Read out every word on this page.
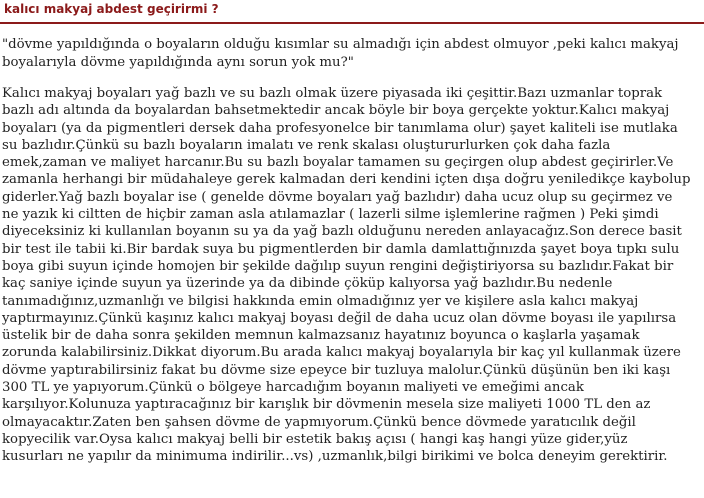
kalıcı makyaj abdest geçirirmi ?
"dövme yapıldığında o boyaların olduğu kısımlar su almadığı için abdest olmuyor ,peki kalıcı makyaj
boyalarıyla dövme yapıldığında aynı sorun yok mu?"
Kalıcı makyaj boyaları yağ bazlı ve su bazlı olmak üzere piyasada iki çeşittir.Bazı uzmanlar toprak
bazlı adı altında da boyalardan bahsetmektedir ancak böyle bir boya gerçekte yoktur.Kalıcı makyaj
boyaları (ya da pigmentleri dersek daha profesyonelce bir tanımlama olur) şayet kaliteli ise mutlaka
su bazlıdır.Çünkü su bazlı boyaların imalatı ve renk skalası oluştururlurken çok daha fazla
emek,zaman ve maliyet harcanır.Bu su bazlı boyalar tamamen su geçirgen olup abdest geçirirler.Ve
zamanla herhangi bir müdahaleye gerek kalmadan deri kendini içten dışa doğru yeniledikçe kaybolup
giderler.Yağ bazlı boyalar ise ( genelde dövme boyaları yağ bazlıdır) daha ucuz olup su geçirmez ve
ne yazık ki ciltten de hiçbir zaman asla atılamazlar ( lazerli silme işlemlerine rağmen ) Peki şimdi
diyeceksiniz ki kullanılan boyanın su ya da yağ bazlı olduğunu nereden anlayacağız.Son derece basit
bir test ile tabii ki.Bir bardak suya bu pigmentlerden bir damla damlattığınızda şayet boya tıpkı sulu
boya gibi suyun içinde homojen bir şekilde dağılıp suyun rengini değiştiriyorsa su bazlıdır.Fakat bir
kaç saniye içinde suyun ya üzerinde ya da dibinde çöküp kalıyorsa yağ bazlıdır.Bu nedenle
tanımadığınız,uzmanlığı ve bilgisi hakkında emin olmadığınız yer ve kişilere asla kalıcı makyaj
yaptırmayınız.Çünkü kaşınız kalıcı makyaj boyası değil de daha ucuz olan dövme boyası ile yapılırsa
üstelik bir de daha sonra şekilden memnun kalmazsanız hayatınız boyunca o kaşlarla yaşamak
zorunda kalabilirsiniz.Dikkat diyorum.Bu arada kalıcı makyaj boyalarıyla bir kaç yıl kullanmak üzere
dövme yaptırabilirsiniz fakat bu dövme size epeyce bir tuzluya malolur.Çünkü düşünün ben iki kaşı
300 TL ye yapıyorum.Çünkü o bölgeye harcadığım boyanın maliyeti ve emeğimi ancak
karşılıyor.Kolunuza yaptıracağınız bir karışlık bir dövmenin mesela size maliyeti 1000 TL den az
olmayacaktır.Zaten ben şahsen dövme de yapmıyorum.Çünkü bence dövmede yaratıcılık değil
kopyecilik var.Oysa kalıcı makyaj belli bir estetik bakış açısı ( hangi kaş hangi yüze gider,yüz
kusurları ne yapılır da minimuma indirilir...vs) ,uzmanlık,bilgi birikimi ve bolca deneyim gerektirir.
